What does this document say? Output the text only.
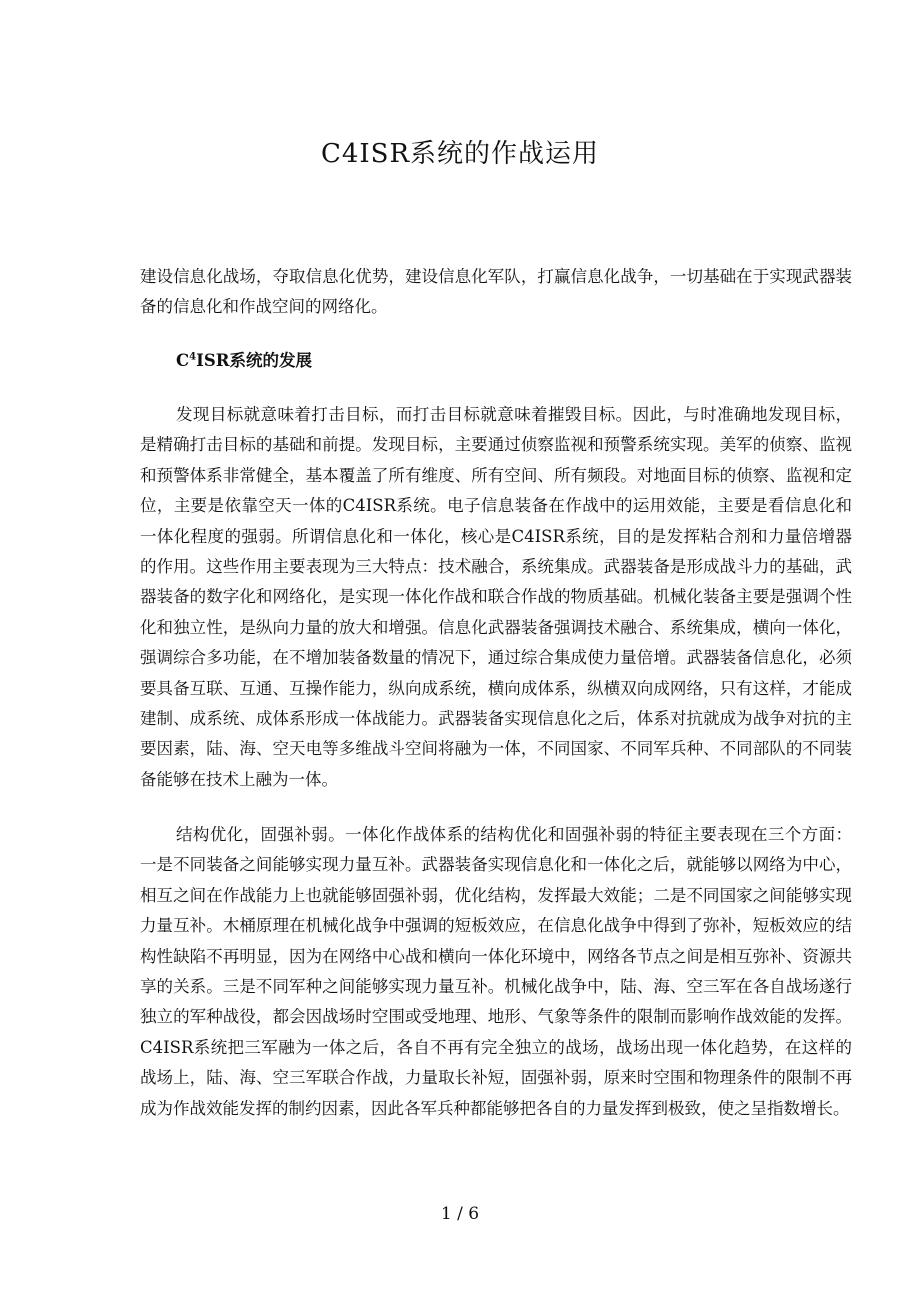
C4ISR系统的作战运用

建设信息化战场，夺取信息化优势，建设信息化军队，打赢信息化战争，一切基础在于实现武器装备的信息化和作战空间的网络化。

$C^4ISR$系统的发展

发现目标就意味着打击目标，而打击目标就意味着摧毁目标。因此，与时准确地发现目标，是精确打击目标的基础和前提。发现目标，主要通过侦察监视和预警系统实现。美军的侦察、监视和预警体系非常健全，基本覆盖了所有维度、所有空间、所有频段。对地面目标的侦察、监视和定位，主要是依靠空天一体的C4ISR系统。电子信息装备在作战中的运用效能，主要是看信息化和一体化程度的强弱。所谓信息化和一体化，核心是C4ISR系统，目的是发挥粘合剂和力量倍增器的作用。这些作用主要表现为三大特点：技术融合，系统集成。武器装备是形成战斗力的基础，武器装备的数字化和网络化，是实现一体化作战和联合作战的物质基础。机械化装备主要是强调个性化和独立性，是纵向力量的放大和增强。信息化武器装备强调技术融合、系统集成，横向一体化，强调综合多功能，在不增加装备数量的情况下，通过综合集成使力量倍增。武器装备信息化，必须要具备互联、互通、互操作能力，纵向成系统，横向成体系，纵横双向成网络，只有这样，才能成建制、成系统、成体系形成一体战能力。武器装备实现信息化之后，体系对抗就成为战争对抗的主要因素，陆、海、空天电等多维战斗空间将融为一体，不同国家、不同军兵种、不同部队的不同装备能够在技术上融为一体。

结构优化，固强补弱。一体化作战体系的结构优化和固强补弱的特征主要表现在三个方面：一是不同装备之间能够实现力量互补。武器装备实现信息化和一体化之后，就能够以网络为中心，相互之间在作战能力上也就能够固强补弱，优化结构，发挥最大效能；二是不同国家之间能够实现力量互补。木桶原理在机械化战争中强调的短板效应，在信息化战争中得到了弥补，短板效应的结构性缺陷不再明显，因为在网络中心战和横向一体化环境中，网络各节点之间是相互弥补、资源共享的关系。三是不同军种之间能够实现力量互补。机械化战争中，陆、海、空三军在各自战场遂行独立的军种战役，都会因战场时空围或受地理、地形、气象等条件的限制而影响作战效能的发挥。C4ISR系统把三军融为一体之后，各自不再有完全独立的战场，战场出现一体化趋势，在这样的战场上，陆、海、空三军联合作战，力量取长补短，固强补弱，原来时空围和物理条件的限制不再成为作战效能发挥的制约因素，因此各军兵种都能够把各自的力量发挥到极致，使之呈指数增长。

1 / 6
